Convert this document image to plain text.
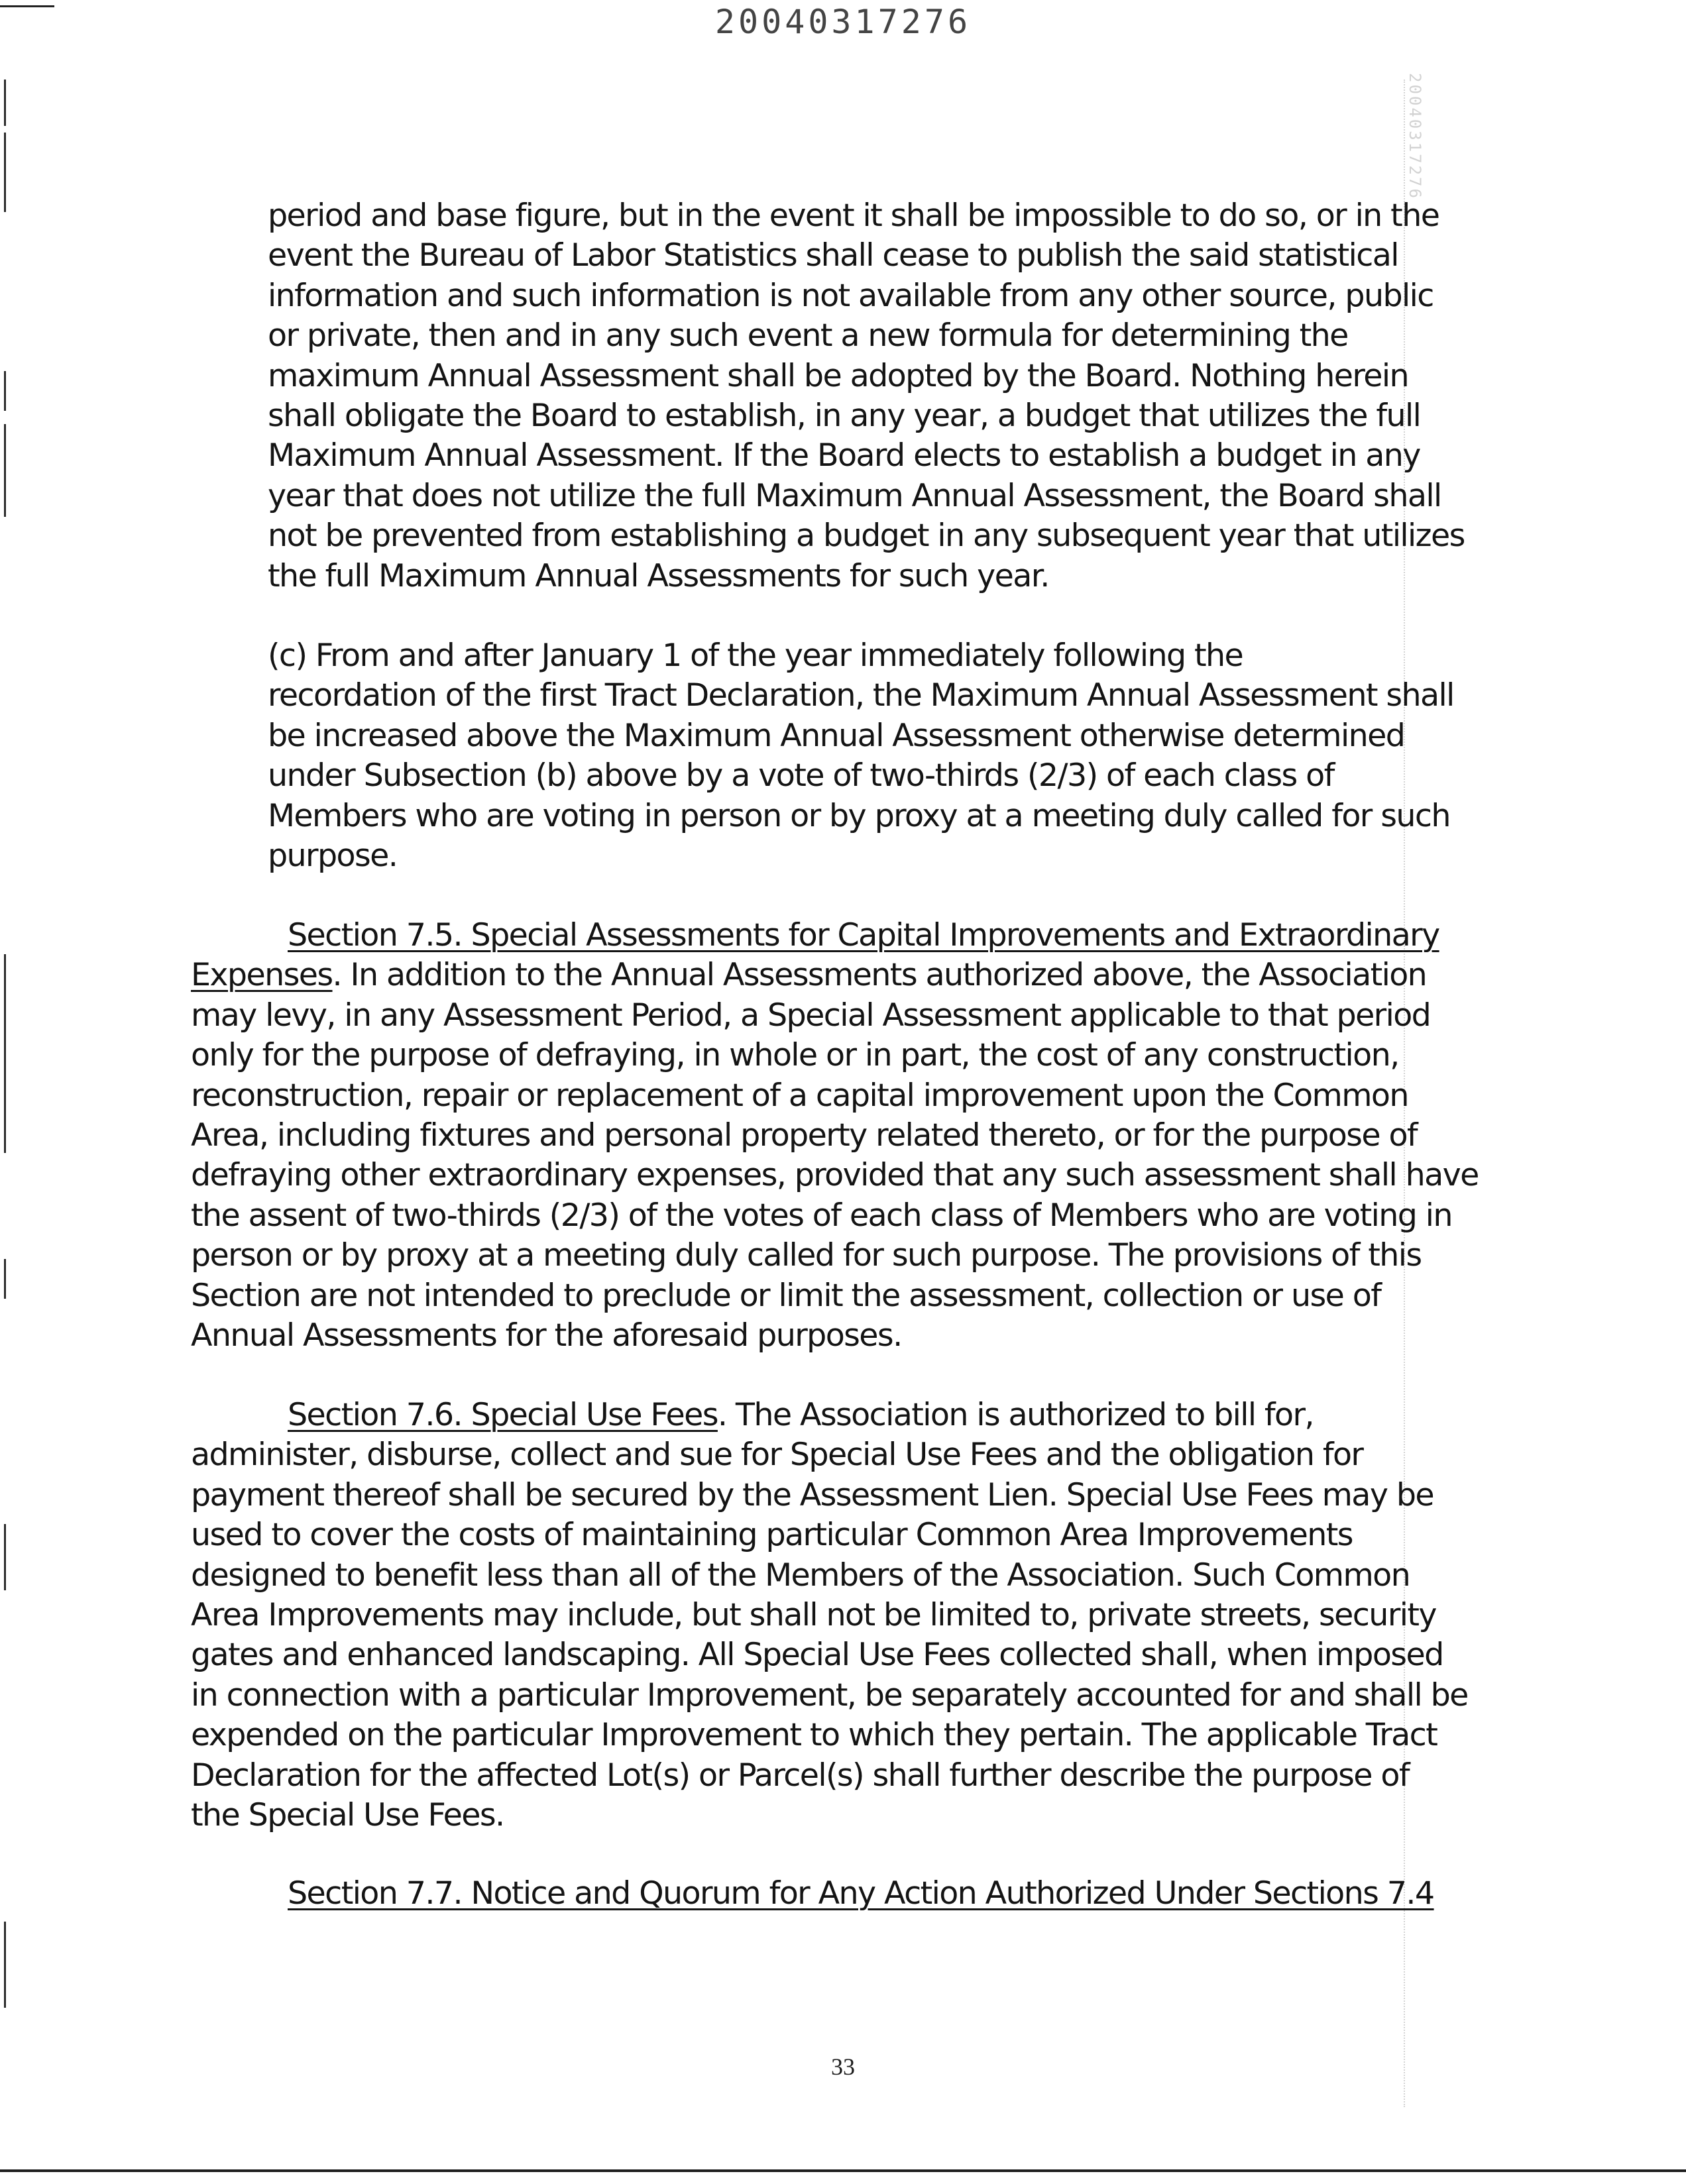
20040317276
20040317276

period and base figure, but in the event it shall be impossible to do so, or in the
event the Bureau of Labor Statistics shall cease to publish the said statistical
information and such information is not available from any other source, public
or private, then and in any such event a new formula for determining the
maximum Annual Assessment shall be adopted by the Board. Nothing herein
shall obligate the Board to establish, in any year, a budget that utilizes the full
Maximum Annual Assessment. If the Board elects to establish a budget in any
year that does not utilize the full Maximum Annual Assessment, the Board shall
not be prevented from establishing a budget in any subsequent year that utilizes
the full Maximum Annual Assessments for such year.

(c) From and after January 1 of the year immediately following the
recordation of the first Tract Declaration, the Maximum Annual Assessment shall
be increased above the Maximum Annual Assessment otherwise determined
under Subsection (b) above by a vote of two-thirds (2/3) of each class of
Members who are voting in person or by proxy at a meeting duly called for such
purpose.

Section 7.5. Special Assessments for Capital Improvements and Extraordinary
Expenses. In addition to the Annual Assessments authorized above, the Association
may levy, in any Assessment Period, a Special Assessment applicable to that period
only for the purpose of defraying, in whole or in part, the cost of any construction,
reconstruction, repair or replacement of a capital improvement upon the Common
Area, including fixtures and personal property related thereto, or for the purpose of
defraying other extraordinary expenses, provided that any such assessment shall have
the assent of two-thirds (2/3) of the votes of each class of Members who are voting in
person or by proxy at a meeting duly called for such purpose. The provisions of this
Section are not intended to preclude or limit the assessment, collection or use of
Annual Assessments for the aforesaid purposes.
Section 7.6. Special Use Fees. The Association is authorized to bill for,
administer, disburse, collect and sue for Special Use Fees and the obligation for
payment thereof shall be secured by the Assessment Lien. Special Use Fees may be
used to cover the costs of maintaining particular Common Area Improvements
designed to benefit less than all of the Members of the Association. Such Common
Area Improvements may include, but shall not be limited to, private streets, security
gates and enhanced landscaping. All Special Use Fees collected shall, when imposed
in connection with a particular Improvement, be separately accounted for and shall be
expended on the particular Improvement to which they pertain. The applicable Tract
Declaration for the affected Lot(s) or Parcel(s) shall further describe the purpose of
the Special Use Fees.
Section 7.7. Notice and Quorum for Any Action Authorized Under Sections 7.4
33
